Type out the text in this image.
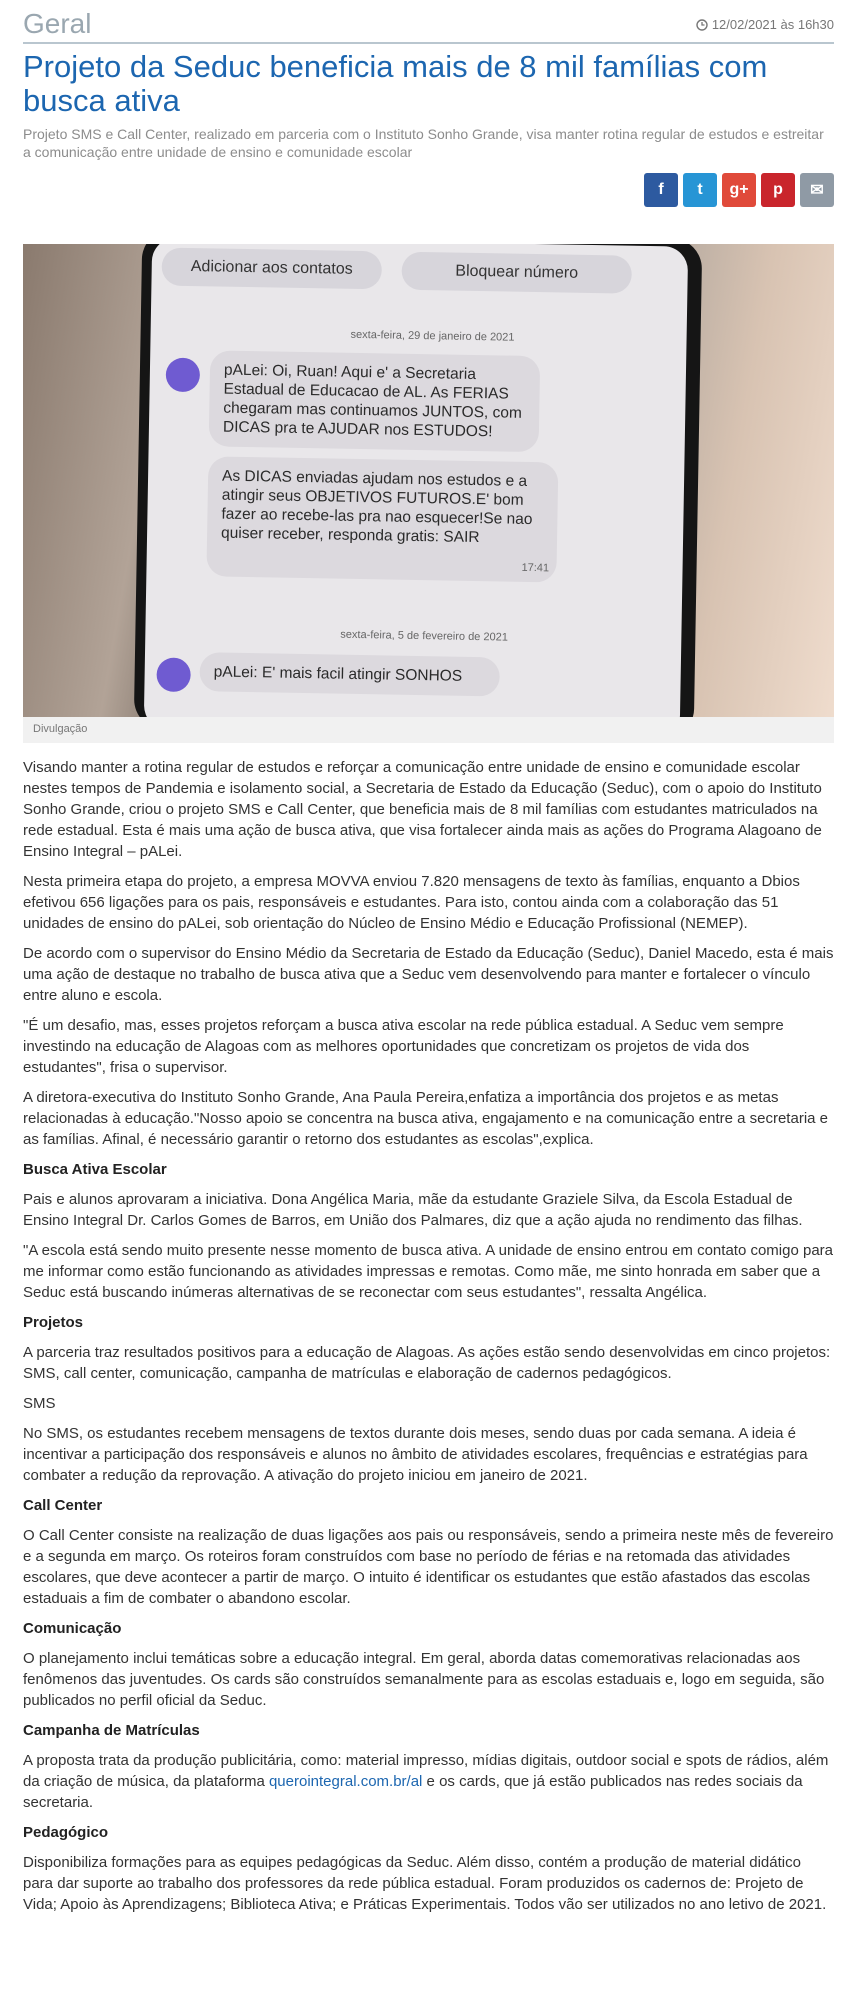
Geral	12/02/2021 às 16h30
Projeto da Seduc beneficia mais de 8 mil famílias com busca ativa

Projeto SMS e Call Center, realizado em parceria com o Instituto Sonho Grande, visa manter rotina regular de estudos e estreitar a comunicação entre unidade de ensino e comunidade escolar

f t g+ p ✉
Adicionar aos contatos	Bloquear número
sexta-feira, 29 de janeiro de 2021
pALei: Oi, Ruan! Aqui e' a Secretaria Estadual de Educacao de AL. As FERIAS chegaram mas continuamos JUNTOS, com DICAS pra te AJUDAR nos ESTUDOS!
As DICAS enviadas ajudam nos estudos e a atingir seus OBJETIVOS FUTUROS.E' bom fazer ao recebe-las pra nao esquecer!Se nao quiser receber, responda gratis: SAIR
17:41
sexta-feira, 5 de fevereiro de 2021
pALei: E' mais facil atingir SONHOS
Divulgação

Visando manter a rotina regular de estudos e reforçar a comunicação entre unidade de ensino e comunidade escolar nestes tempos de Pandemia e isolamento social, a Secretaria de Estado da Educação (Seduc), com o apoio do Instituto Sonho Grande, criou o projeto SMS e Call Center, que beneficia mais de 8 mil famílias com estudantes matriculados na rede estadual. Esta é mais uma ação de busca ativa, que visa fortalecer ainda mais as ações do Programa Alagoano de Ensino Integral – pALei.

Nesta primeira etapa do projeto, a empresa MOVVA enviou 7.820 mensagens de texto às famílias, enquanto a Dbios efetivou 656 ligações para os pais, responsáveis e estudantes. Para isto, contou ainda com a colaboração das 51 unidades de ensino do pALei, sob orientação do Núcleo de Ensino Médio e Educação Profissional (NEMEP).

De acordo com o supervisor do Ensino Médio da Secretaria de Estado da Educação (Seduc), Daniel Macedo, esta é mais uma ação de destaque no trabalho de busca ativa que a Seduc vem desenvolvendo para manter e fortalecer o vínculo entre aluno e escola.

"É um desafio, mas, esses projetos reforçam a busca ativa escolar na rede pública estadual. A Seduc vem sempre investindo na educação de Alagoas com as melhores oportunidades que concretizam os projetos de vida dos estudantes", frisa o supervisor.

A diretora-executiva do Instituto Sonho Grande, Ana Paula Pereira,enfatiza a importância dos projetos e as metas relacionadas à educação."Nosso apoio se concentra na busca ativa, engajamento e na comunicação entre a secretaria e as famílias. Afinal, é necessário garantir o retorno dos estudantes as escolas",explica.

Busca Ativa Escolar

Pais e alunos aprovaram a iniciativa. Dona Angélica Maria, mãe da estudante Graziele Silva, da Escola Estadual de Ensino Integral Dr. Carlos Gomes de Barros, em União dos Palmares, diz que a ação ajuda no rendimento das filhas.

"A escola está sendo muito presente nesse momento de busca ativa. A unidade de ensino entrou em contato comigo para me informar como estão funcionando as atividades impressas e remotas. Como mãe, me sinto honrada em saber que a Seduc está buscando inúmeras alternativas de se reconectar com seus estudantes", ressalta Angélica.

Projetos

A parceria traz resultados positivos para a educação de Alagoas. As ações estão sendo desenvolvidas em cinco projetos: SMS, call center, comunicação, campanha de matrículas e elaboração de cadernos pedagógicos.

SMS

No SMS, os estudantes recebem mensagens de textos durante dois meses, sendo duas por cada semana. A ideia é incentivar a participação dos responsáveis e alunos no âmbito de atividades escolares, frequências e estratégias para combater a redução da reprovação. A ativação do projeto iniciou em janeiro de 2021.

Call Center

O Call Center consiste na realização de duas ligações aos pais ou responsáveis, sendo a primeira neste mês de fevereiro e a segunda em março. Os roteiros foram construídos com base no período de férias e na retomada das atividades escolares, que deve acontecer a partir de março. O intuito é identificar os estudantes que estão afastados das escolas estaduais a fim de combater o abandono escolar.

Comunicação

O planejamento inclui temáticas sobre a educação integral. Em geral, aborda datas comemorativas relacionadas aos fenômenos das juventudes. Os cards são construídos semanalmente para as escolas estaduais e, logo em seguida, são publicados no perfil oficial da Seduc.

Campanha de Matrículas

A proposta trata da produção publicitária, como: material impresso, mídias digitais, outdoor social e spots de rádios, além da criação de música, da plataforma querointegral.com.br/al e os cards, que já estão publicados nas redes sociais da secretaria.

Pedagógico

Disponibiliza formações para as equipes pedagógicas da Seduc. Além disso, contém a produção de material didático para dar suporte ao trabalho dos professores da rede pública estadual. Foram produzidos os cadernos de: Projeto de Vida; Apoio às Aprendizagens; Biblioteca Ativa; e Práticas Experimentais. Todos vão ser utilizados no ano letivo de 2021.
